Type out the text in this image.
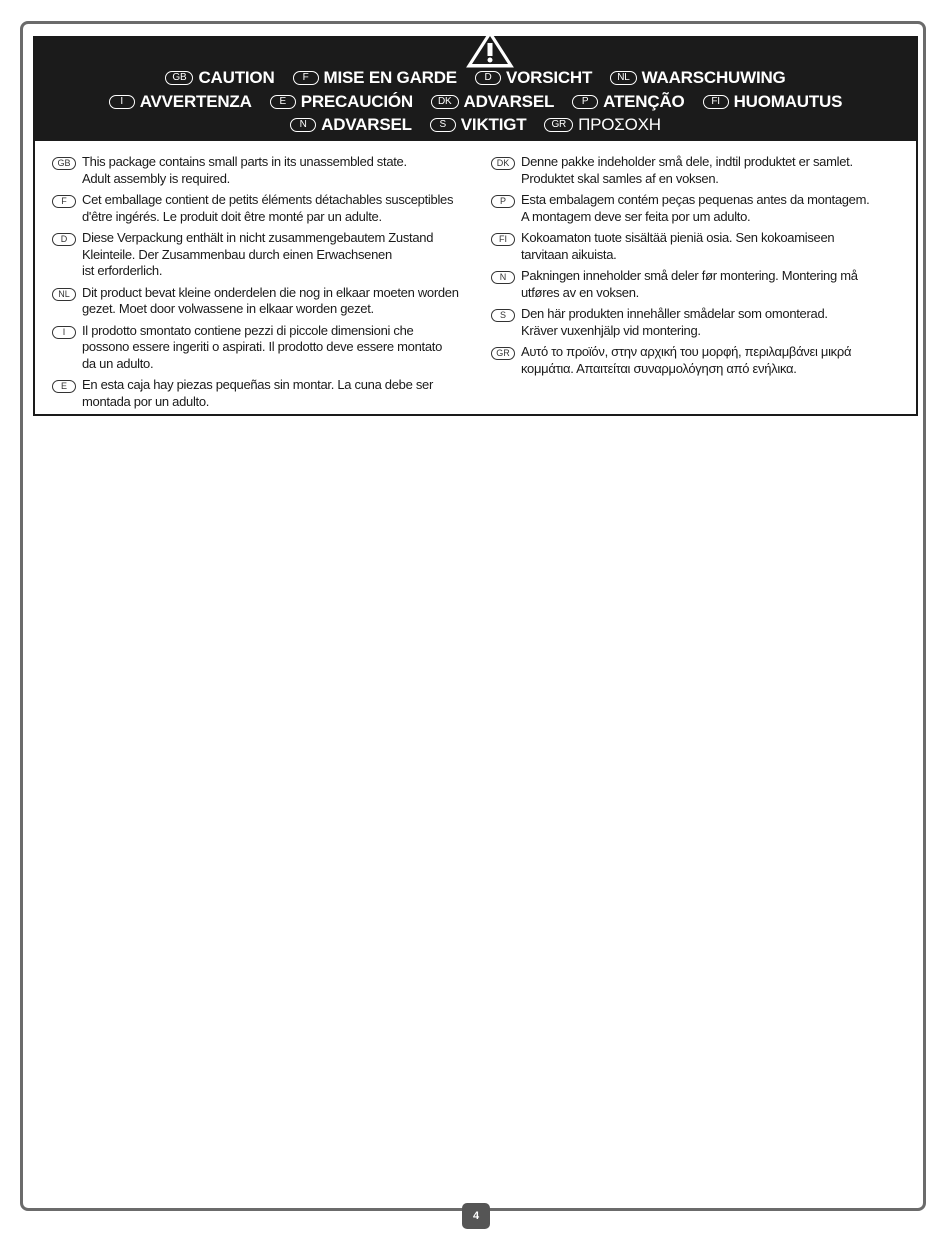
GB CAUTION	F MISE EN GARDE	D VORSICHT	NL WAARSCHUWING
I AVVERTENZA	E PRECAUCIÓN	DK ADVARSEL	P ATENÇÃO	FI HUOMAUTUS
N ADVARSEL	S VIKTIGT	GR ΠΡΟΣΟΧΗ
GB This package contains small parts in its unassembled state.
Adult assembly is required.
F	Cet emballage contient de petits éléments détachables susceptibles
d'être ingérés. Le produit doit être monté par un adulte.
D	Diese Verpackung enthält in nicht zusammengebautem Zustand
Kleinteile. Der Zusammenbau durch einen Erwachsenen
ist erforderlich.
NL Dit product bevat kleine onderdelen die nog in elkaar moeten worden
gezet. Moet door volwassene in elkaar worden gezet.
I	Il prodotto smontato contiene pezzi di piccole dimensioni che
possono essere ingeriti o aspirati. Il prodotto deve essere montato
da un adulto.
E	En esta caja hay piezas pequeñas sin montar. La cuna debe ser
montada por un adulto.
DK Denne pakke indeholder små dele, indtil produktet er samlet.
Produktet skal samles af en voksen.
P	Esta embalagem contém peças pequenas antes da montagem.
A montagem deve ser feita por um adulto.
FI	Kokoamaton tuote sisältää pieniä osia. Sen kokoamiseen
tarvitaan aikuista.
N	Pakningen inneholder små deler før montering. Montering må
utføres av en voksen.
S	Den här produkten innehåller smådelar som omonterad.
Kräver vuxenhjälp vid montering.
GR Αυτό το προϊόν, στην αρχική του μορφή, περιλαμβάνει μικρά
κομμάτια. Απαιτείται συναρμολόγηση από ενήλικα.
4
